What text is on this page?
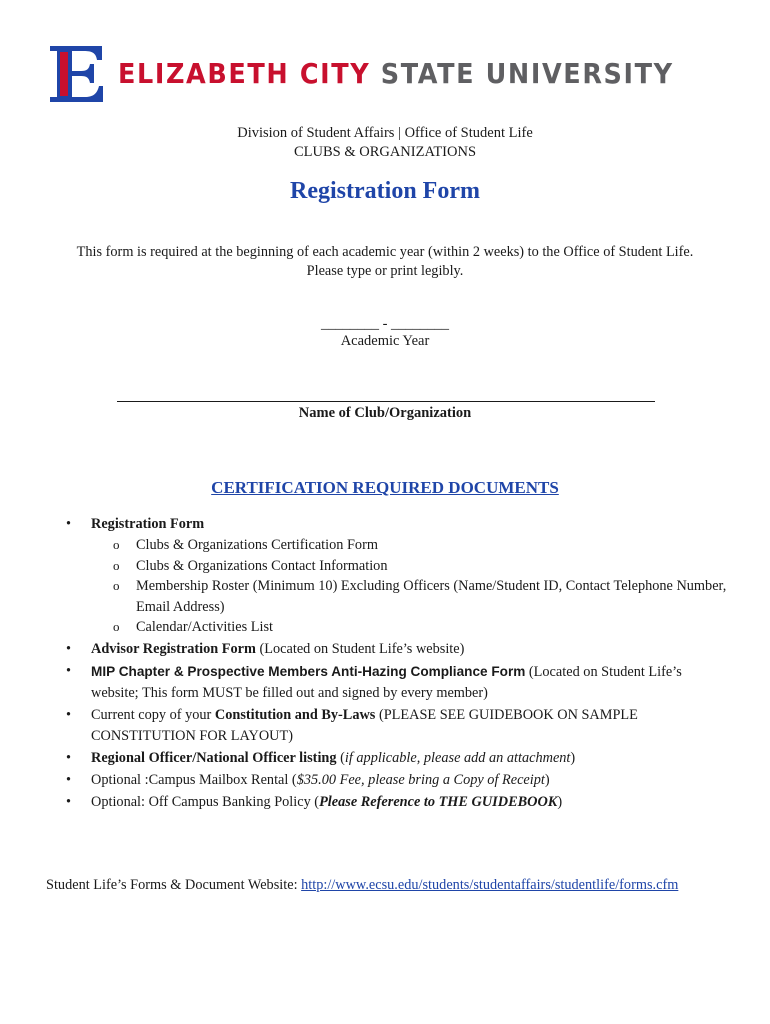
ELIZABETH CITY STATE UNIVERSITY
Division of Student Affairs | Office of Student Life
CLUBS & ORGANIZATIONS
Registration Form
This form is required at the beginning of each academic year (within 2 weeks) to the Office of Student Life.
Please type or print legibly.
________ - ________
Academic Year
Name of Club/Organization
CERTIFICATION REQUIRED DOCUMENTS
• Registration Form
o Clubs & Organizations Certification Form
o Clubs & Organizations Contact Information
o Membership Roster (Minimum 10) Excluding Officers (Name/Student ID, Contact Telephone Number, Email Address)
o Calendar/Activities List
• Advisor Registration Form (Located on Student Life’s website)
• MIP Chapter & Prospective Members Anti-Hazing Compliance Form (Located on Student Life’s website; This form MUST be filled out and signed by every member)
• Current copy of your Constitution and By-Laws (PLEASE SEE GUIDEBOOK ON SAMPLE CONSTITUTION FOR LAYOUT)
• Regional Officer/National Officer listing (if applicable, please add an attachment)
• Optional :Campus Mailbox Rental ($35.00 Fee, please bring a Copy of Receipt)
• Optional: Off Campus Banking Policy (Please Reference to THE GUIDEBOOK)
Student Life’s Forms & Document Website: http://www.ecsu.edu/students/studentaffairs/studentlife/forms.cfm
